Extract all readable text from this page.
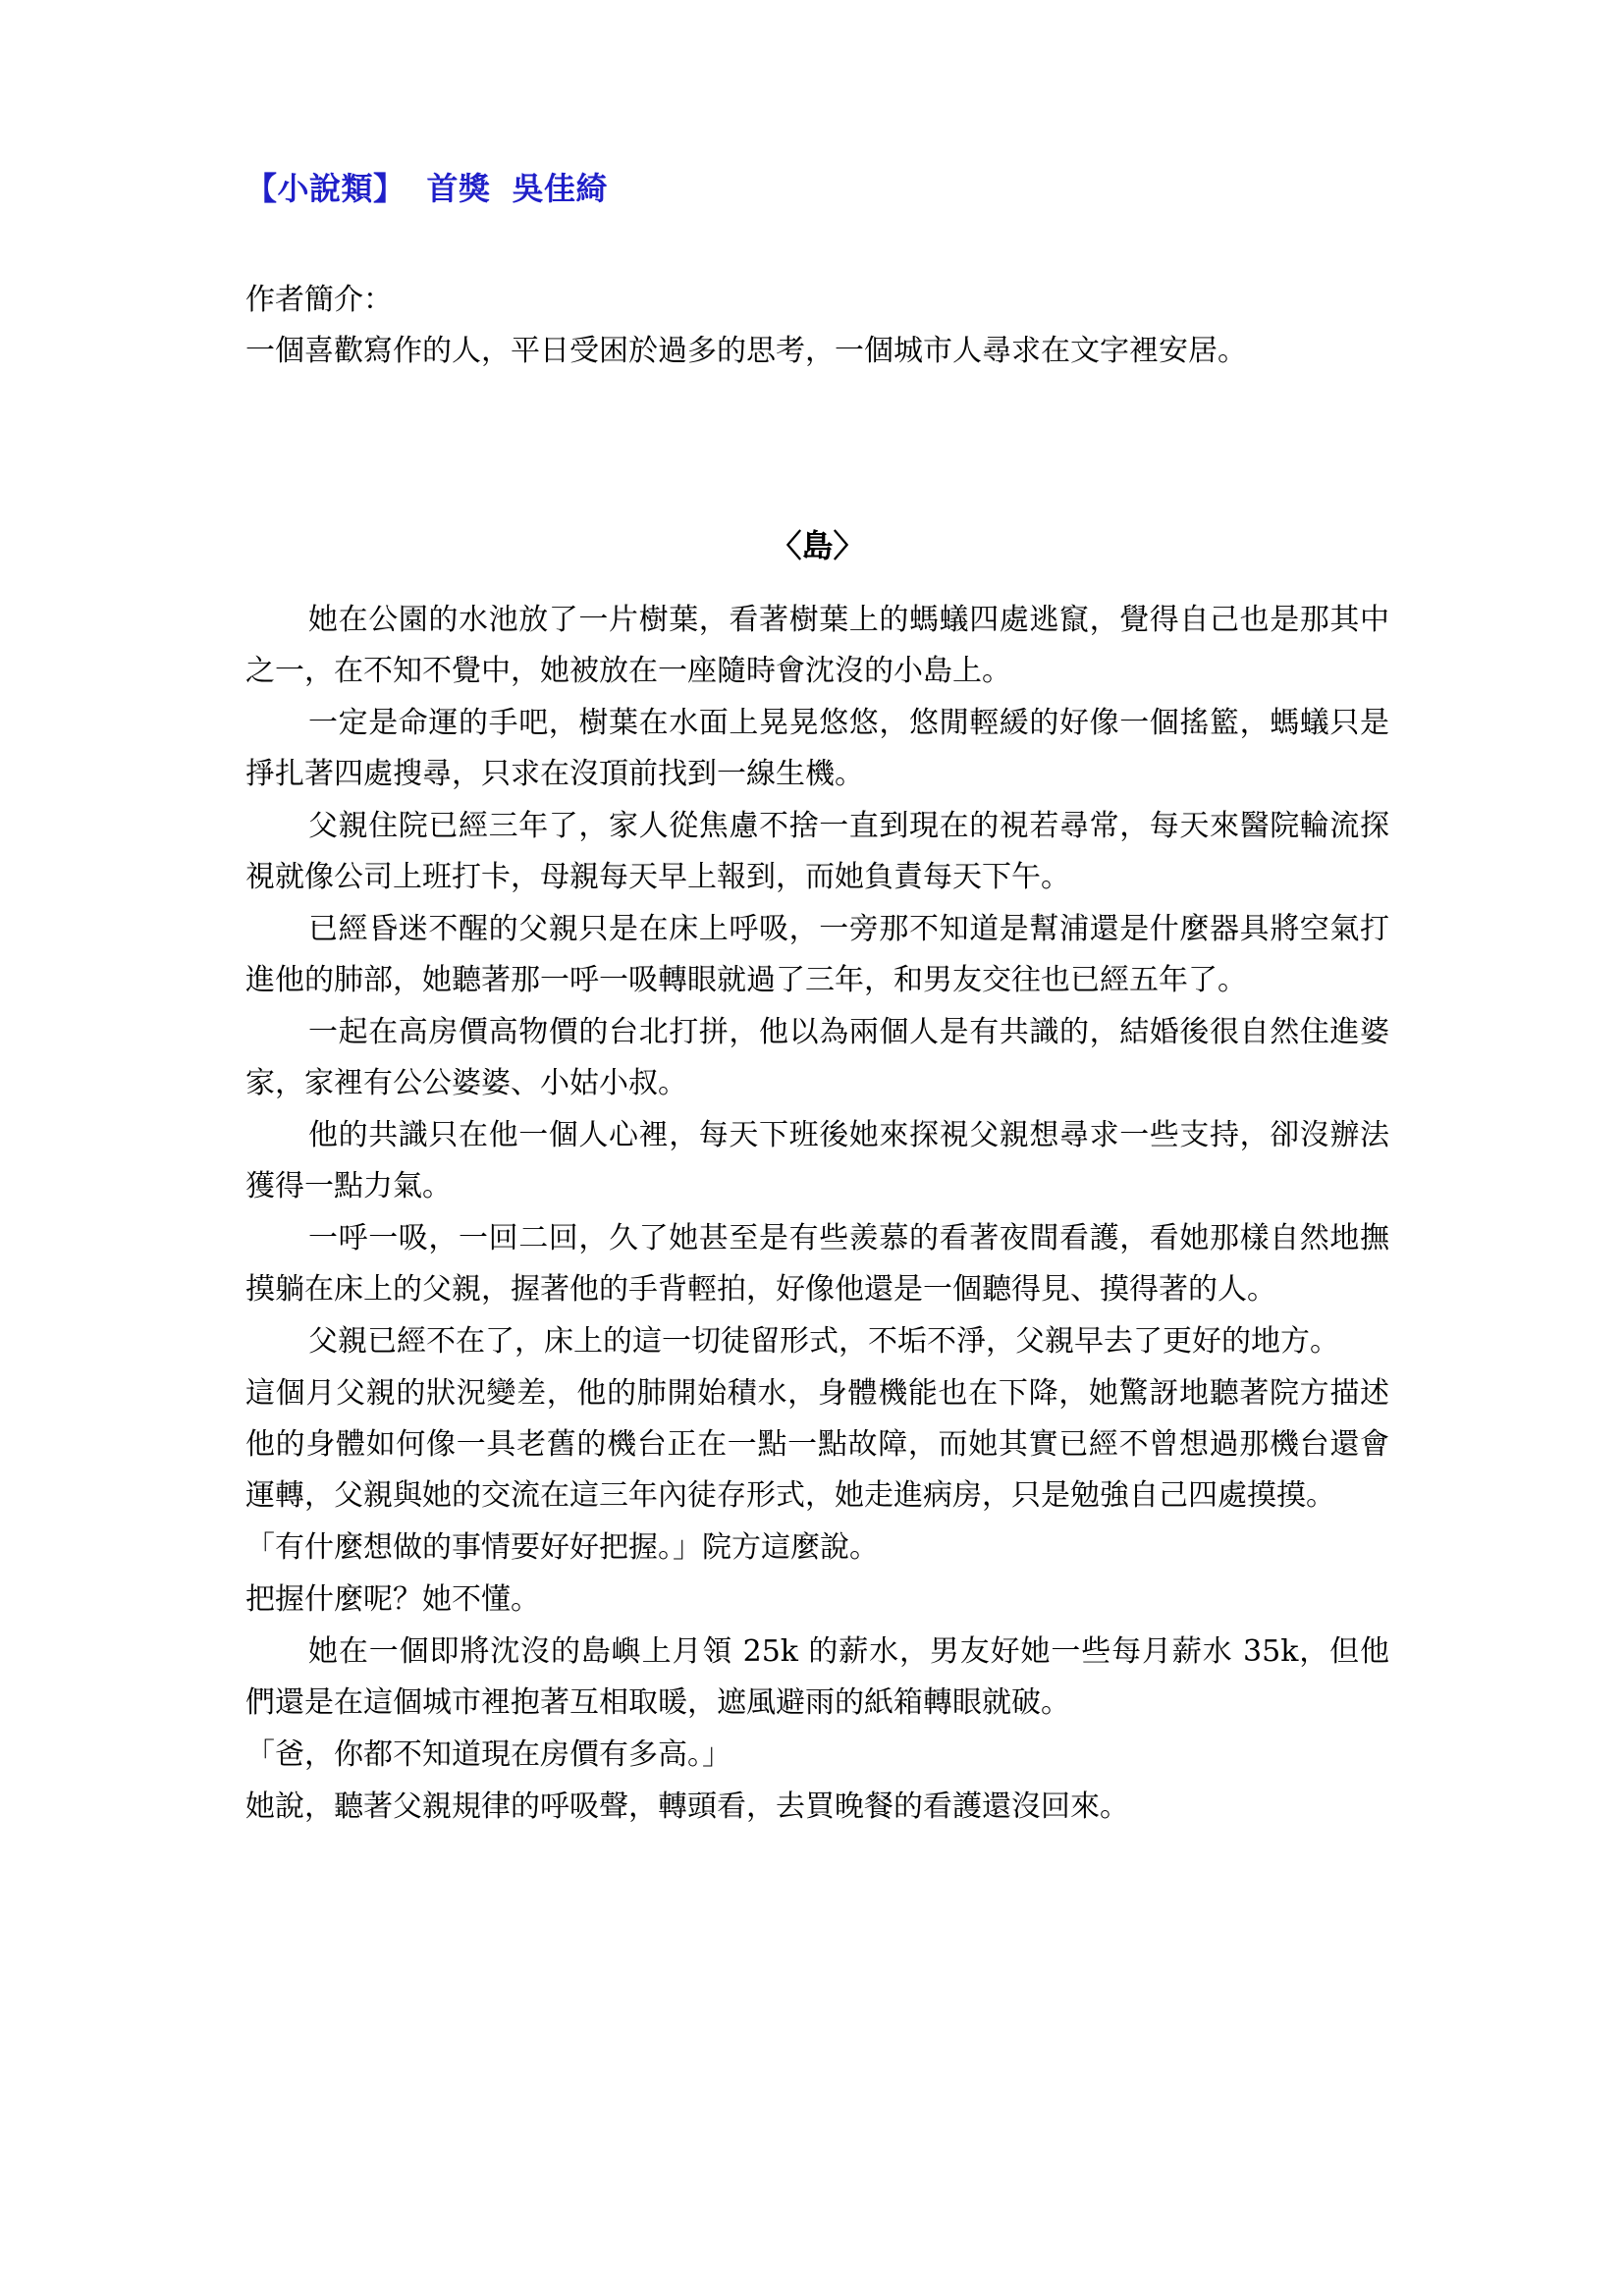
【小說類】 首獎 吳佳綺

作者簡介：

一個喜歡寫作的人，平日受困於過多的思考，一個城市人尋求在文字裡安居。

〈島〉

她在公園的水池放了一片樹葉，看著樹葉上的螞蟻四處逃竄，覺得自己也是那其中之一，在不知不覺中，她被放在一座隨時會沈沒的小島上。

一定是命運的手吧，樹葉在水面上晃晃悠悠，悠閒輕緩的好像一個搖籃，螞蟻只是掙扎著四處搜尋，只求在沒頂前找到一線生機。

父親住院已經三年了，家人從焦慮不捨一直到現在的視若尋常，每天來醫院輪流探視就像公司上班打卡，母親每天早上報到，而她負責每天下午。

已經昏迷不醒的父親只是在床上呼吸，一旁那不知道是幫浦還是什麼器具將空氣打進他的肺部，她聽著那一呼一吸轉眼就過了三年，和男友交往也已經五年了。

一起在高房價高物價的台北打拼，他以為兩個人是有共識的，結婚後很自然住進婆家，家裡有公公婆婆、小姑小叔。

他的共識只在他一個人心裡，每天下班後她來探視父親想尋求一些支持，卻沒辦法獲得一點力氣。

一呼一吸，一回二回，久了她甚至是有些羨慕的看著夜間看護，看她那樣自然地撫摸躺在床上的父親，握著他的手背輕拍，好像他還是一個聽得見、摸得著的人。

父親已經不在了，床上的這一切徒留形式，不垢不淨，父親早去了更好的地方。

這個月父親的狀況變差，他的肺開始積水，身體機能也在下降，她驚訝地聽著院方描述他的身體如何像一具老舊的機台正在一點一點故障，而她其實已經不曾想過那機台還會運轉，父親與她的交流在這三年內徒存形式，她走進病房，只是勉強自己四處摸摸。

「有什麼想做的事情要好好把握。」院方這麼說。

把握什麼呢？她不懂。

她在一個即將沈沒的島嶼上月領 25k 的薪水，男友好她一些每月薪水 35k，但他們還是在這個城市裡抱著互相取暖，遮風避雨的紙箱轉眼就破。

「爸，你都不知道現在房價有多高。」

她說，聽著父親規律的呼吸聲，轉頭看，去買晚餐的看護還沒回來。
